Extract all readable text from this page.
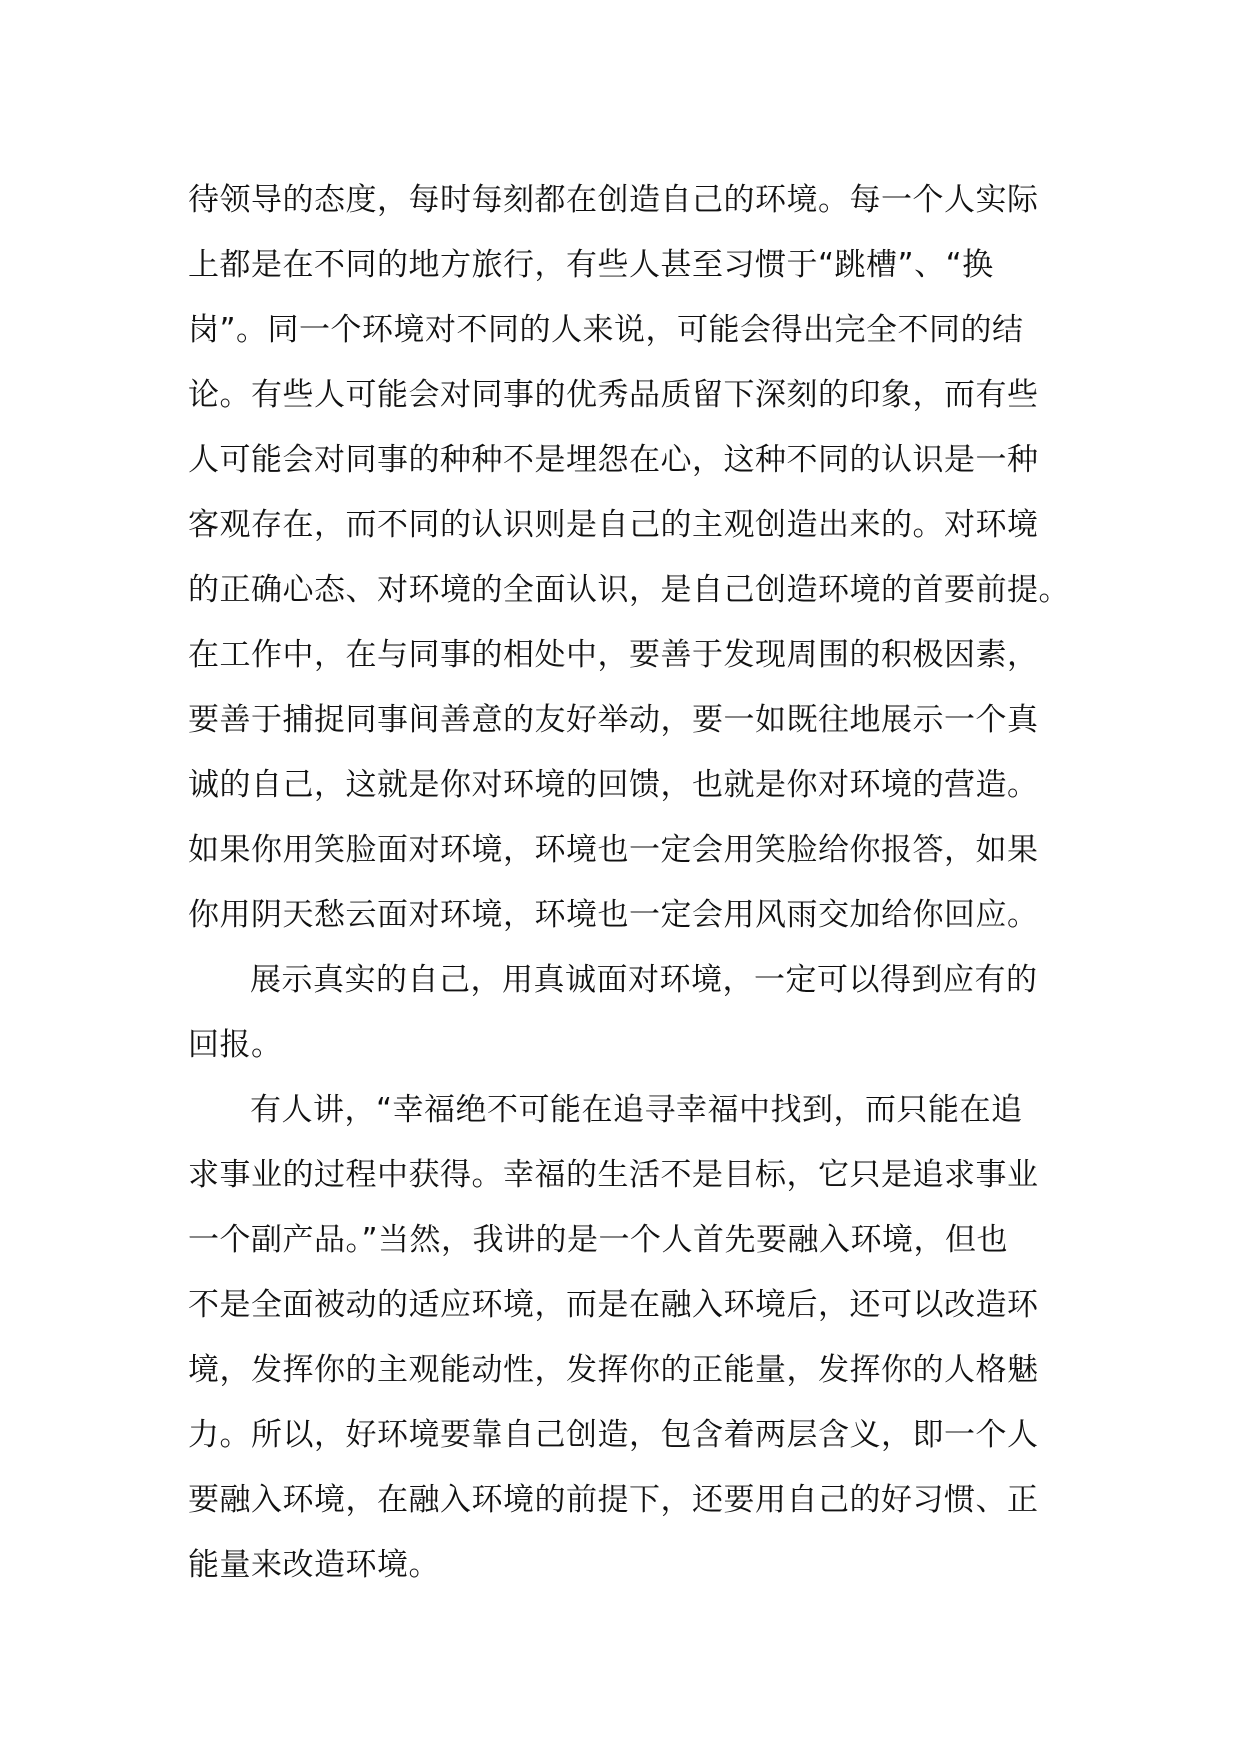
待领导的态度，每时每刻都在创造自己的环境。每一个人实际
上都是在不同的地方旅行，有些人甚至习惯于“跳槽”、“换
岗”。同一个环境对不同的人来说，可能会得出完全不同的结
论。有些人可能会对同事的优秀品质留下深刻的印象，而有些
人可能会对同事的种种不是埋怨在心，这种不同的认识是一种
客观存在，而不同的认识则是自己的主观创造出来的。对环境
的正确心态、对环境的全面认识，是自己创造环境的首要前提。
在工作中，在与同事的相处中，要善于发现周围的积极因素，
要善于捕捉同事间善意的友好举动，要一如既往地展示一个真
诚的自己，这就是你对环境的回馈，也就是你对环境的营造。
如果你用笑脸面对环境，环境也一定会用笑脸给你报答，如果
你用阴天愁云面对环境，环境也一定会用风雨交加给你回应。
展示真实的自己，用真诚面对环境，一定可以得到应有的
回报。
有人讲，“幸福绝不可能在追寻幸福中找到，而只能在追
求事业的过程中获得。幸福的生活不是目标，它只是追求事业
一个副产品。”当然，我讲的是一个人首先要融入环境，但也
不是全面被动的适应环境，而是在融入环境后，还可以改造环
境，发挥你的主观能动性，发挥你的正能量，发挥你的人格魅
力。所以，好环境要靠自己创造，包含着两层含义，即一个人
要融入环境，在融入环境的前提下，还要用自己的好习惯、正
能量来改造环境。
